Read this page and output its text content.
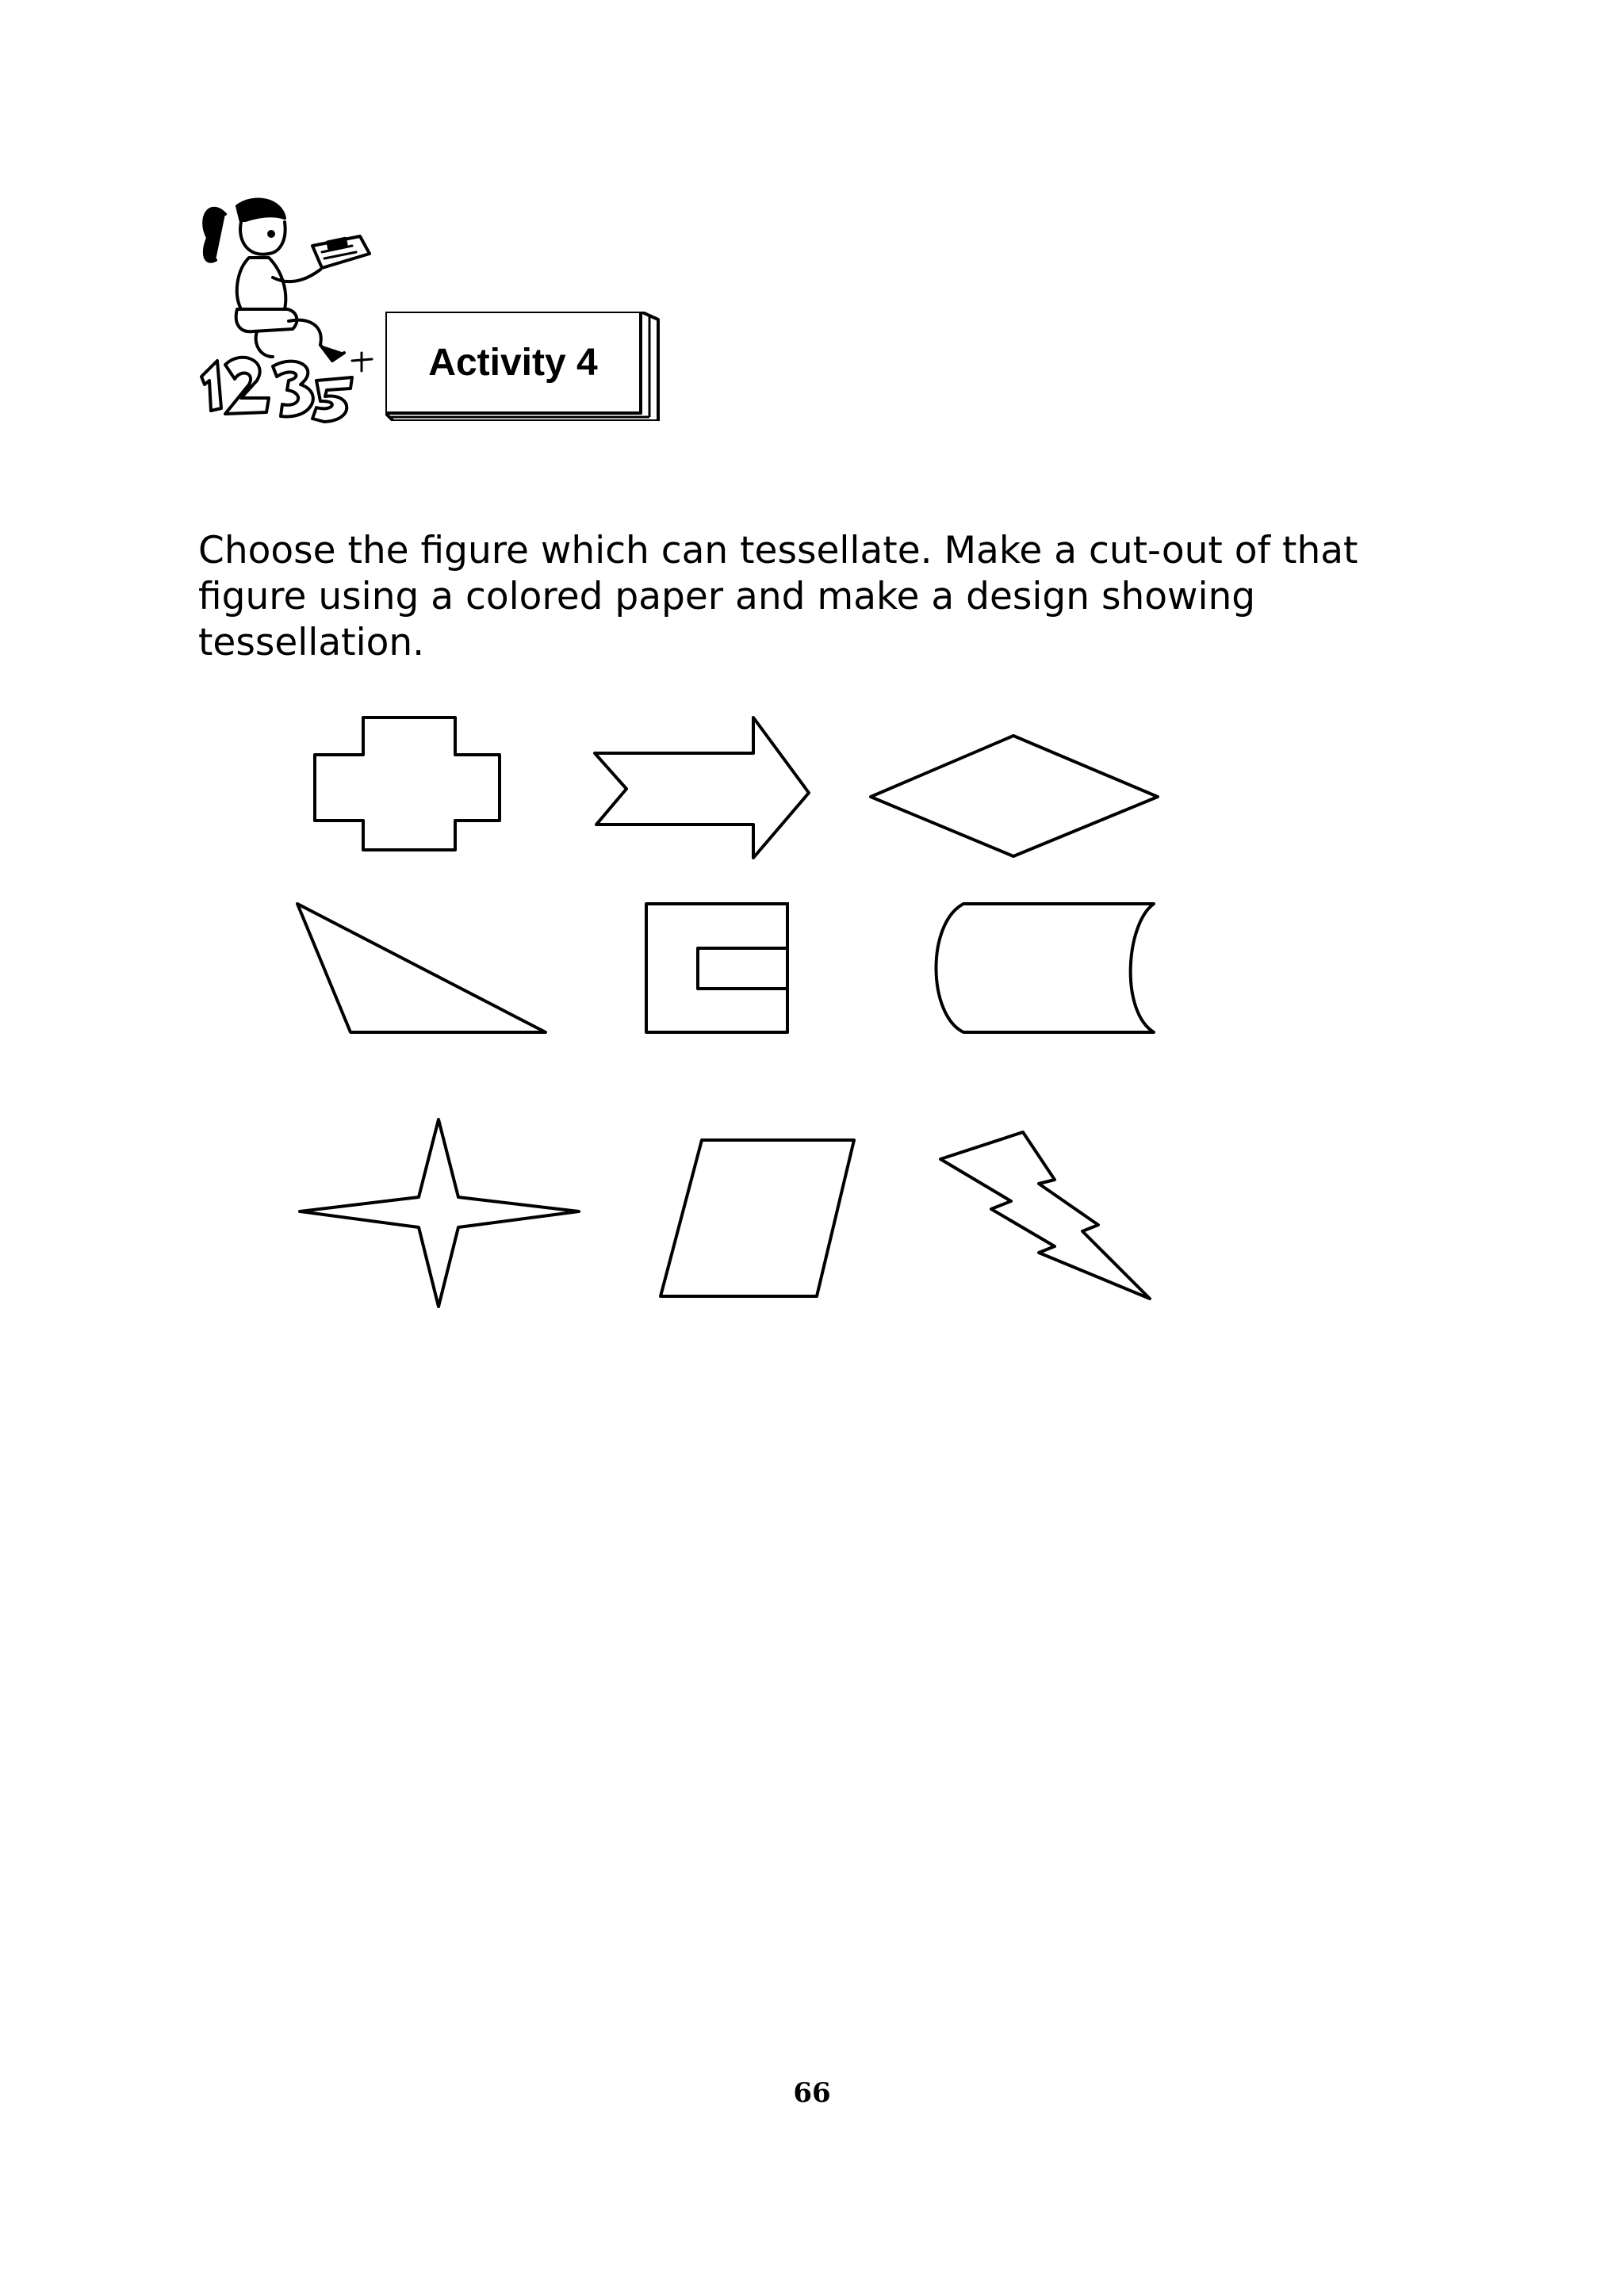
Activity 4
Choose the figure which can tessellate. Make a cut-out of that figure using a colored paper and make a design showing tessellation.
66
